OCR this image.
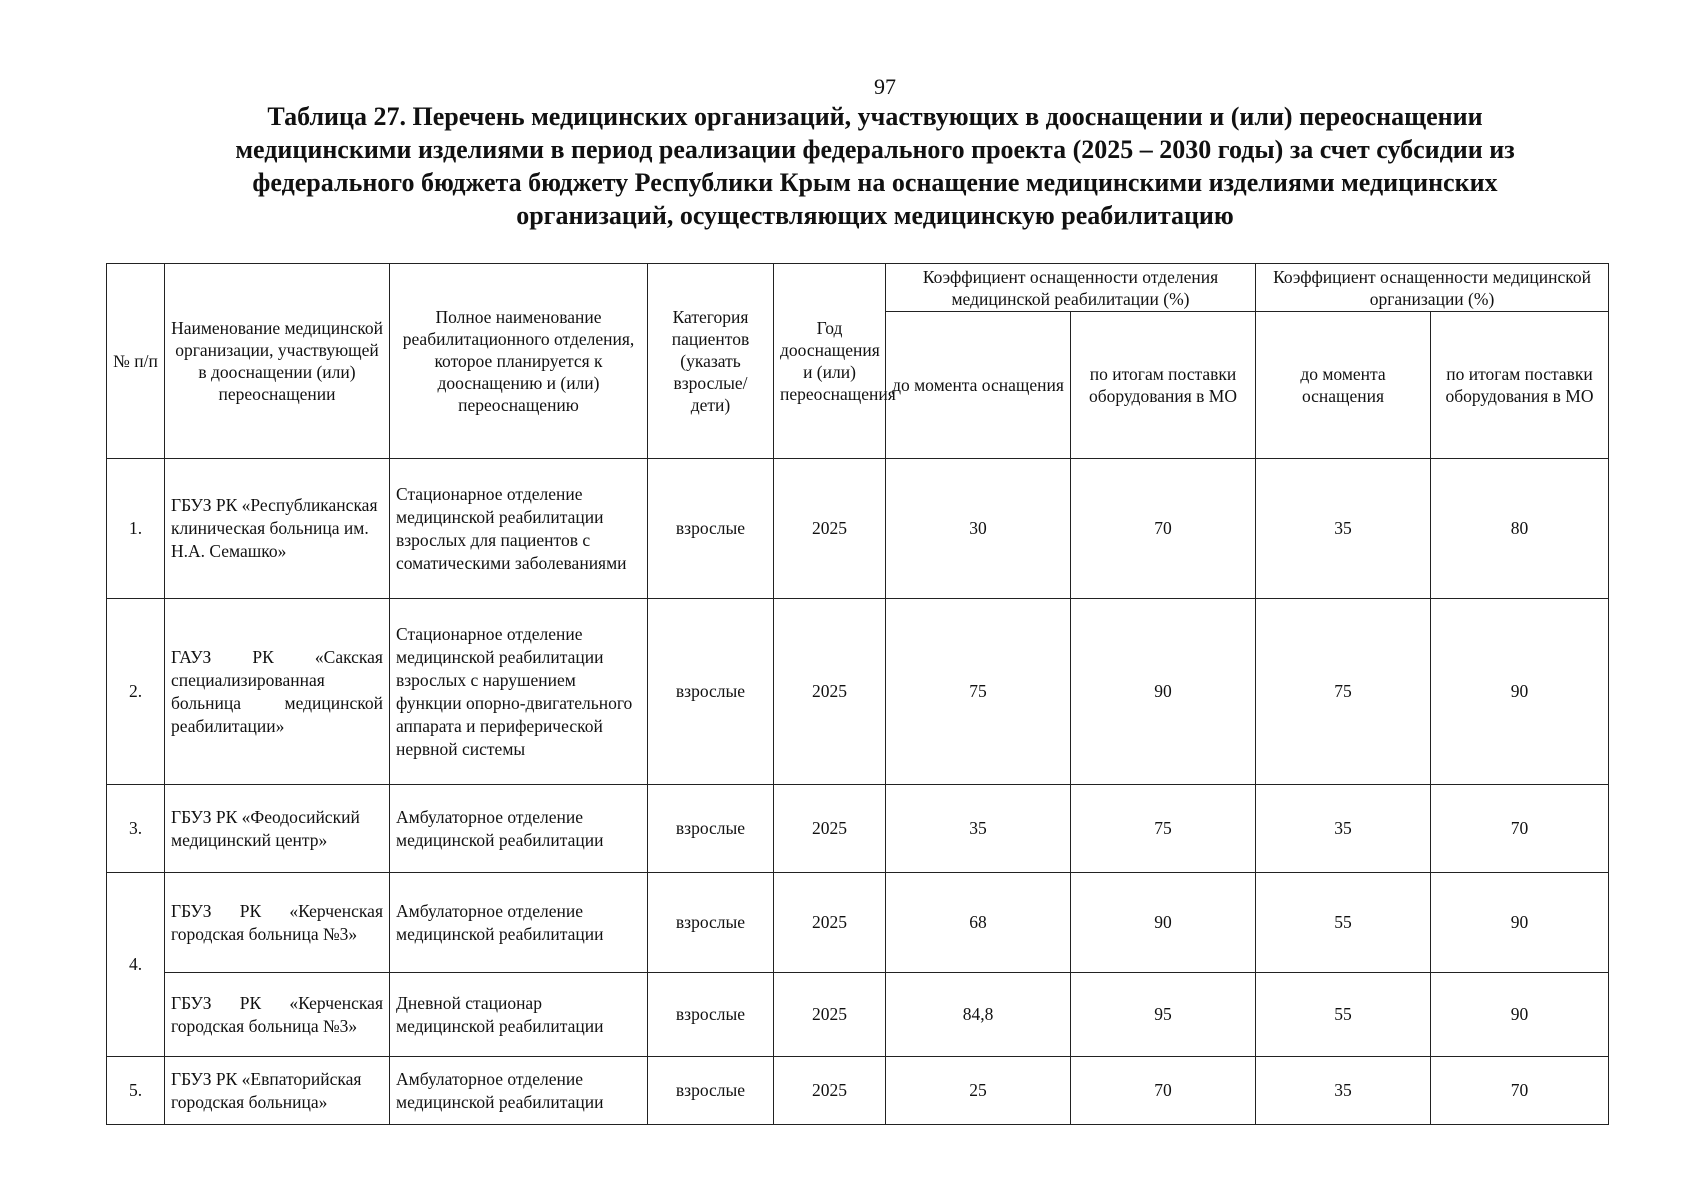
97
Таблица 27. Перечень медицинских организаций, участвующих в дооснащении и (или) переоснащении
медицинскими изделиями в период реализации федерального проекта (2025 – 2030 годы) за счет субсидии из
федерального бюджета бюджету Республики Крым на оснащение медицинскими изделиями медицинских
организаций, осуществляющих медицинскую реабилитацию
№ п/п	Наименование медицинской организации, участвующей в дооснащении (или) переоснащении	Полное наименование реабилитационного отделения, которое планируется к дооснащению и (или) переоснащению	Категория пациентов (указать взрослые/ дети)	Год дооснащения и (или) переоснащения	Коэффициент оснащенности отделения медицинской реабилитации (%)		Коэффициент оснащенности медицинской организации (%)	
					до момента оснащения	по итогам поставки оборудования в МО	до момента оснащения	по итогам поставки оборудования в МО
1.	ГБУЗ РК «Республиканская клиническая больница им. Н.А. Семашко»	Стационарное отделение медицинской реабилитации взрослых для пациентов с соматическими заболеваниями	взрослые	2025	30	70	35	80
2.	ГАУЗ РК «Сакская специализированная больница медицинской реабилитации»	Стационарное отделение медицинской реабилитации взрослых с нарушением функции опорно-двигательного аппарата и периферической нервной системы	взрослые	2025	75	90	75	90
3.	ГБУЗ РК «Феодосийский медицинский центр»	Амбулаторное отделение медицинской реабилитации	взрослые	2025	35	75	35	70
4.	ГБУЗ РК «Керченская городская больница №3»	Амбулаторное отделение медицинской реабилитации	взрослые	2025	68	90	55	90
	ГБУЗ РК «Керченская городская больница №3»	Дневной стационар медицинской реабилитации	взрослые	2025	84,8	95	55	90
5.	ГБУЗ РК «Евпаторийская городская больница»	Амбулаторное отделение медицинской реабилитации	взрослые	2025	25	70	35	70
